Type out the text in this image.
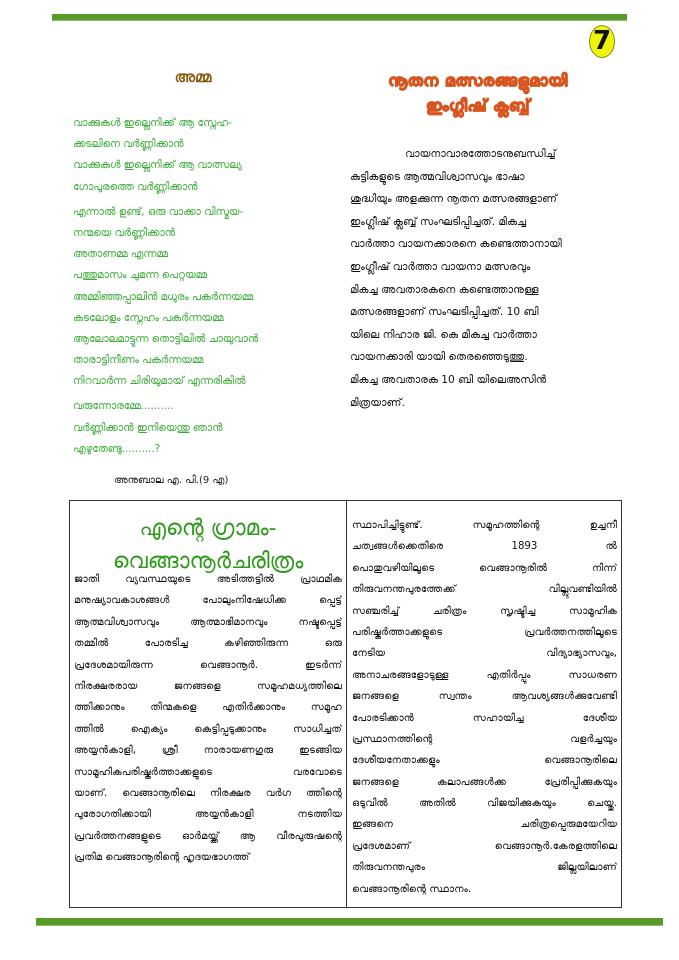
7
അമ്മ
വാക്കുകൾ ഇല്ലെനിക്ക് ആ സ്നേഹ-
ക്കടലിനെ വർണ്ണിക്കാൻ
വാക്കുകൾ ഇല്ലെനിക്ക് ആ വാത്സല്യ
ഗോപുരത്തെ വർണ്ണിക്കാൻ
എന്നാൽ ഉണ്ട്, ഒരു വാക്കാ വിസ്മയ-
നന്മയെ വർണ്ണിക്കാൻ
അതാണമ്മ എന്നമ്മ
പത്തുമാസം ചുമന്ന പെറ്റയമ്മ
അമ്മിഞ്ഞപ്പാലിൻ മധുരം പകർന്നയമ്മ
കടലോളം സ്നേഹം പകർന്നയമ്മ
ആലോലമാട്ടുന്ന തൊട്ടിലിൽ ചായുവാൻ
താരാട്ടിനീണം പകർന്നയമ്മ
നിറവാർന്ന ചിരിയുമായ് എന്നരികിൽ
വരുന്നോരമ്മേ..........
വർണ്ണിക്കാൻ ഇനിയെന്തു ഞാൻ
എഴുതേണ്ടു..........?
അനുബാല എ. പി.(9 എ)
നൂതന മത്സരങ്ങളുമായി
ഇംഗ്ലീഷ് ക്ലബ്ബ്
വായനാവാരത്തോടനുബന്ധിച്ച്
കുട്ടികളുടെ ആത്മവിശ്വാസവും ഭാഷാ
ശുദ്ധിയും അളക്കുന്ന നൂതന മത്സരങ്ങളാണ്
ഇംഗ്ലീഷ് ക്ലബ്ബ് സംഘടിപ്പിച്ചത്. മികച്ച
വാർത്താ വായനക്കാരനെ കണ്ടെത്താനായി
ഇംഗ്ലീഷ് വാർത്താ വായനാ മത്സരവും
മികച്ച അവതാരകനെ കണ്ടെത്താനുള്ള
മത്സരങ്ങളാണ് സംഘടിപ്പിച്ചത്. 10 ബി
യിലെ നിഹാര ജി. കെ മികച്ച വാർത്താ
വായനക്കാരി യായി തെരഞ്ഞെടുത്തു.
മികച്ച അവതാരക 10 ബി യിലെഅസിൻ
മിത്രയാണ്.
എന്റെ ഗ്രാമം-
വെങ്ങാനൂർചരിത്രം
ജാതി വ്യവസ്ഥയുടെ അടിത്തട്ടിൽ പ്രാഥമിക
മനുഷ്യാവകാശങ്ങൾ പോലുംനിഷേധിക്ക പ്പെട്ട്
ആത്മവിശ്വാസവും ആത്മാഭിമാനവും നഷ്ടപ്പെട്ട്
തമ്മിൽ പോരടിച്ച കഴിഞ്ഞിരുന്ന ഒരു
പ്രദേശമായിരുന്ന വെങ്ങാനൂർ. ഇടർന്ന്
നിരക്ഷരരായ ജനങ്ങളെ സമൂഹമധ്യത്തിലെ
ത്തിക്കാനും തിന്മകളെ എതിർക്കാനും സമൂഹ
ത്തിൽ ഐക്യം കെട്ടിപ്പടുക്കാനും സാധിച്ചത്
അയ്യൻകാളി, ശ്രീ നാരായണഗുരു ഇടങ്ങിയ
സാമൂഹികപരിഷ്കർത്താക്കളുടെ വരവോടെ
യാണ്. വെങ്ങാനൂരിലെ നിരക്ഷര വർഗ ത്തിന്റെ
പുരോഗതിക്കായി അയ്യൻകാളി നടത്തിയ
പ്രവർത്തനങ്ങളുടെ ഓർമയ്ക്ക് ആ വീരപുരുഷന്റെ
പ്രതിമ വെങ്ങാനൂരിന്റെ ഹൃദയഭാഗത്ത്
സ്ഥാപിച്ചിട്ടുണ്ട്. സമൂഹത്തിന്റെ ഉച്ചനീ
ചത്വങ്ങൾക്കെതിരെ 1893 ൽ
പൊതുവഴിയിലൂടെ വെങ്ങാനൂരിൽ നിന്ന്
തിരുവനന്തപുരത്തേക്ക് വില്ലുവണ്ടിയിൽ
സഞ്ചരിച്ച് ചരിത്രം സൃഷ്ടിച്ച സാമൂഹിക
പരിഷ്കർത്താക്കളുടെ പ്രവർത്തനത്തിലൂടെ
നേടിയ വിദ്യാഭ്യാസവും,
അനാചരങ്ങളോടുള്ള എതിർപ്പും സാധരണ
ജനങ്ങളെ സ്വന്തം ആവശ്യങ്ങൾക്കുവേണ്ടി
പോരടിക്കാൻ സഹായിച്ച ദേശീയ
പ്രസ്ഥാനത്തിന്റെ വളർച്ചയും
ദേശീയനേതാക്കളും വെങ്ങാനൂരിലെ
ജനങ്ങളെ കലാപങ്ങൾക്ക പ്രേരിപ്പിക്കുകയും
ഒടുവിൽ അതിൽ വിജയിക്കുകയും ചെയ്തു.
ഇങ്ങനെ ചരിത്രപ്പെരുമയേറിയ
പ്രദേശമാണ് വെങ്ങാനൂർ.കേരളത്തിലെ
തിരുവനന്തപുരം ജില്ലയിലാണ്
വെങ്ങാനൂരിന്റെ സ്ഥാനം.
